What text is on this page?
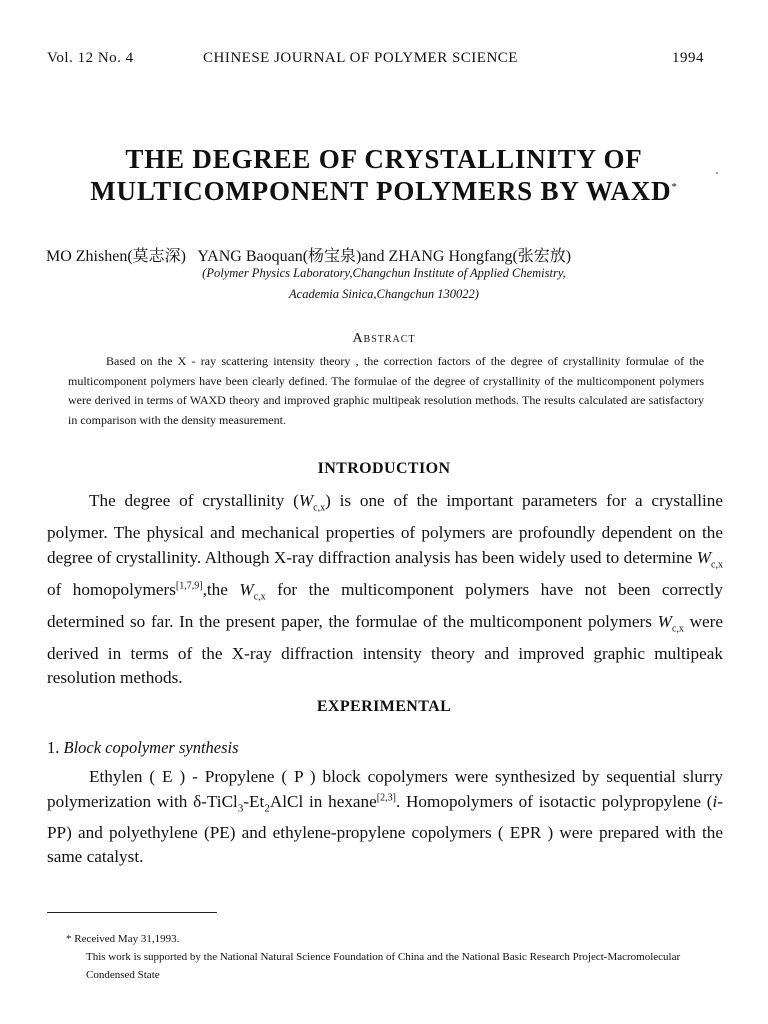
Vol. 12 No. 4	CHINESE JOURNAL OF POLYMER SCIENCE	1994
THE DEGREE OF CRYSTALLINITY OF
MULTICOMPONENT POLYMERS BY WAXD*
MO Zhishen(莫志深)   YANG Baoquan(杨宝泉)and ZHANG Hongfang(张宏放)
(Polymer Physics Laboratory,Changchun Institute of Applied Chemistry,
Academia Sinica,Changchun 130022)
Abstract

Based on the X - ray scattering intensity theory , the correction factors of the degree of crystallinity formulae of the multicomponent polymers have been clearly defined. The formulae of the degree of crystallinity of the multicomponent polymers were derived in terms of WAXD theory and improved graphic multipeak resolution methods. The results calculated are satisfactory in comparison with the density measurement.

INTRODUCTION

The degree of crystallinity $(W_{c,x})$ is one of the important parameters for a crystalline polymer. The physical and mechanical properties of polymers are profoundly dependent on the degree of crystallinity. Although X-ray diffraction analysis has been widely used to determine $W_{c,x}$ of homopolymers[1,7,9],the $W_{c,x}$ for the multicomponent polymers have not been correctly determined so far. In the present paper, the formulae of the multicomponent polymers $W_{c,x}$ were derived in terms of the X-ray diffraction intensity theory and improved graphic multipeak resolution methods.

EXPERIMENTAL
1. Block copolymer synthesis

Ethylen ( E ) - Propylene ( P ) block copolymers were synthesized by sequential slurry polymerization with $\delta-TiCl_3-Et_2AlCl$ in hexane[2,3]. Homopolymers of isotactic polypropylene (i-PP) and polyethylene (PE) and ethylene-propylene copolymers ( EPR ) were prepared with the same catalyst.

* Received May 31,1993.
This work is supported by the National Natural Science Foundation of China and the National Basic Research Project-Macromolecular Condensed State
